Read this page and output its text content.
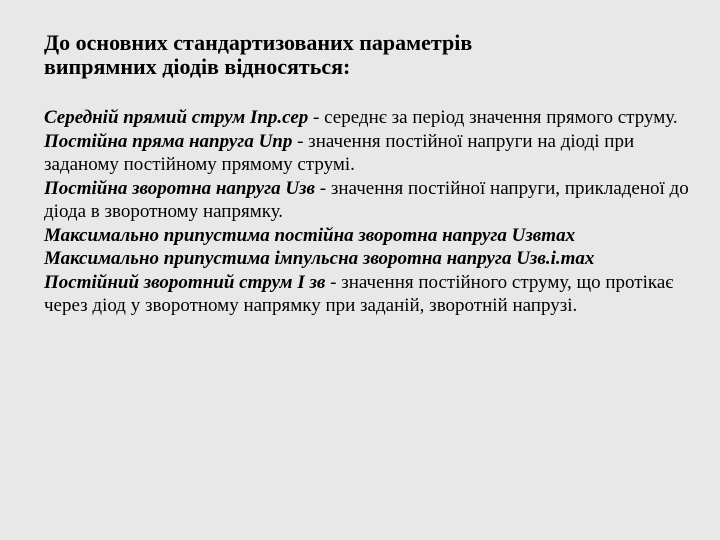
До основних стандартизованих параметрів
випрямних діодів відносяться:

Середній прямий струм Iпр.сер - середнє за період значення прямого струму.

Постійна пряма напруга Uпр - значення постійної напруги на діоді при заданому постійному прямому струмі.

Постійна зворотна напруга Uзв - значення постійної напруги, прикладеної до діода в зворотному напрямку.

Максимально припустима постійна зворотна напруга Uзвmax

Максимально припустима імпульсна зворотна напруга Uзв.і.max

Постійний зворотний струм I зв - значення постійного струму, що протікає через діод у зворотному напрямку при заданій, зворотній напрузі.
